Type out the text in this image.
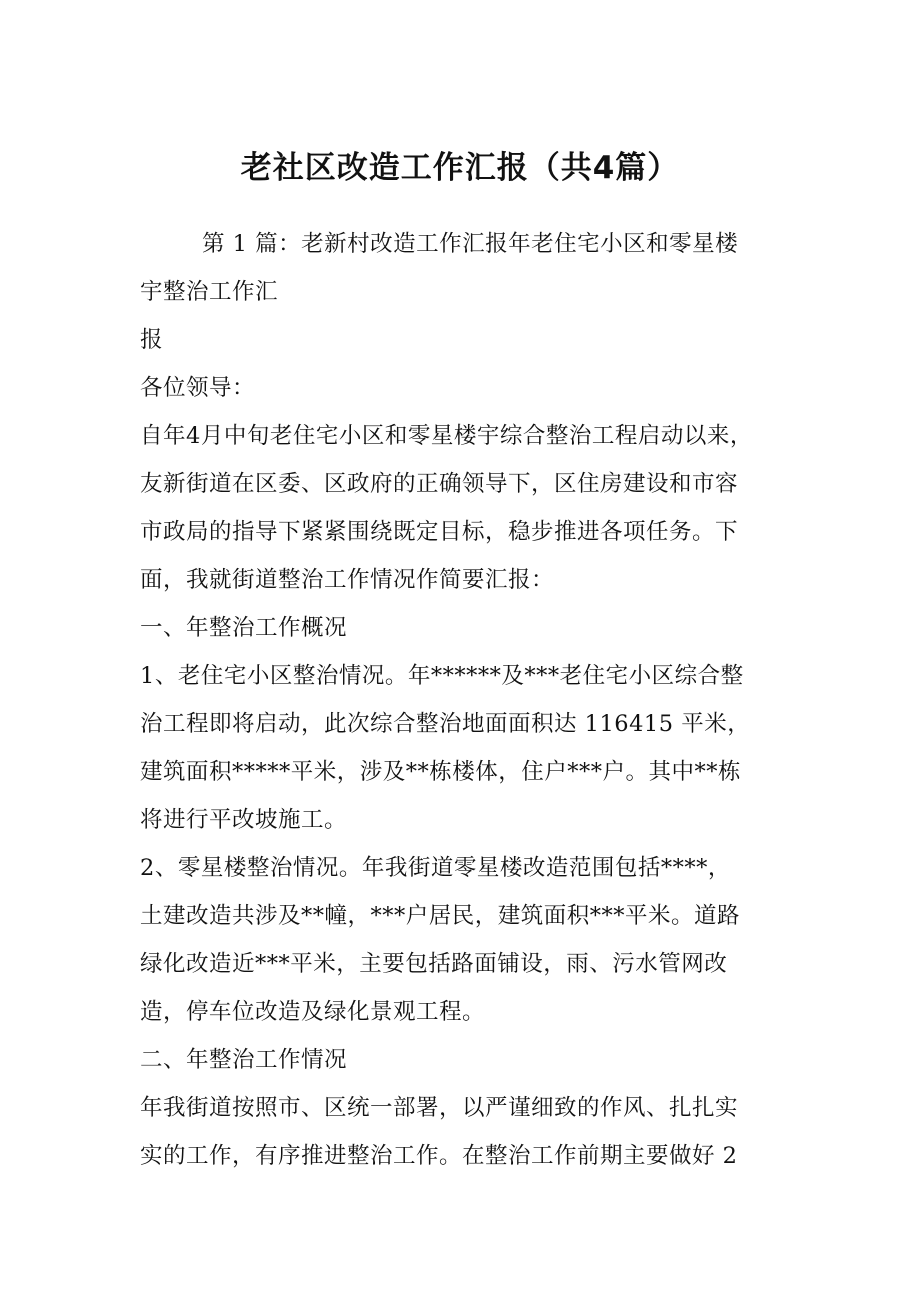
老社区改造工作汇报（共4篇）
第 1 篇：老新村改造工作汇报年老住宅小区和零星楼
宇整治工作汇
报
各位领导：
自年4月中旬老住宅小区和零星楼宇综合整治工程启动以来，
友新街道在区委、区政府的正确领导下，区住房建设和市容
市政局的指导下紧紧围绕既定目标，稳步推进各项任务。下
面，我就街道整治工作情况作简要汇报：
一、年整治工作概况
1、老住宅小区整治情况。年******及***老住宅小区综合整
治工程即将启动，此次综合整治地面面积达 116415 平米，
建筑面积*****平米，涉及**栋楼体，住户***户。其中**栋
将进行平改坡施工。
2、零星楼整治情况。年我街道零星楼改造范围包括****，
土建改造共涉及**幢，***户居民，建筑面积***平米。道路
绿化改造近***平米，主要包括路面铺设，雨、污水管网改
造，停车位改造及绿化景观工程。
二、年整治工作情况
年我街道按照市、区统一部署，以严谨细致的作风、扎扎实
实的工作，有序推进整治工作。在整治工作前期主要做好 2
